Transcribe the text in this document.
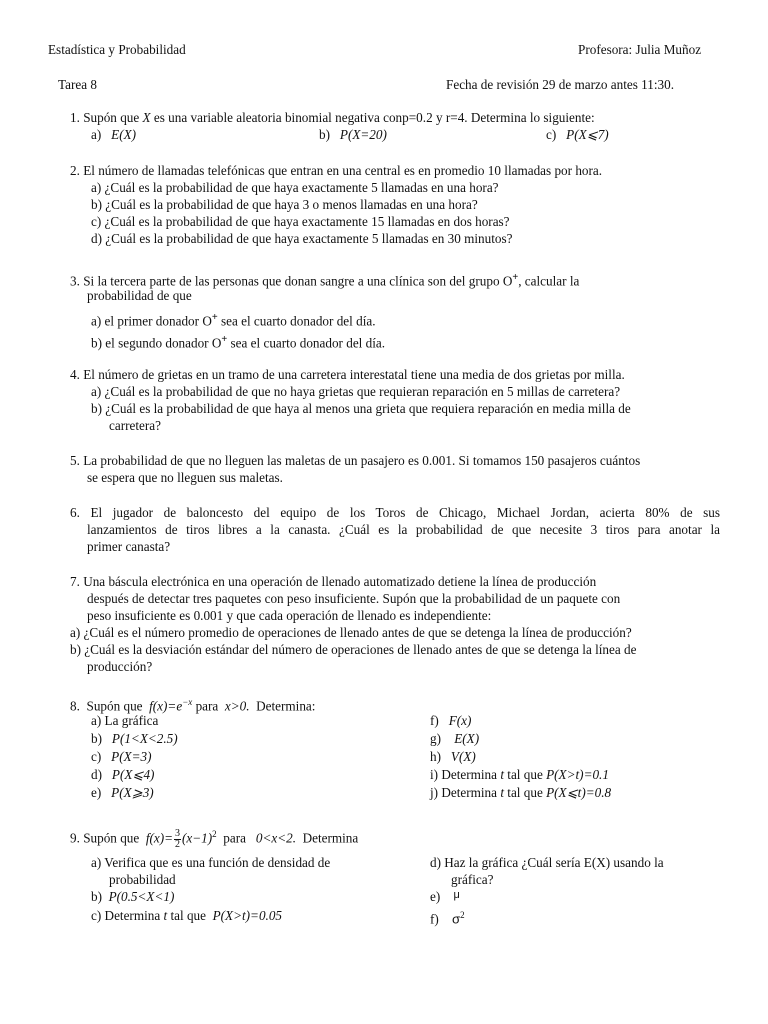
Estadística y Probabilidad	Profesora: Julia Muñoz
Tarea 8	Fecha de revisión 29 de marzo antes 11:30.
1. Supón que X es una variable aleatoria binomial negativa conp=0.2 y r=4. Determina lo siguiente:
a) E(X)	b) P(X=20)	c) P(X⩽7)
2. El número de llamadas telefónicas que entran en una central es en promedio 10 llamadas por hora.
a) ¿Cuál es la probabilidad de que haya exactamente 5 llamadas en una hora?
b) ¿Cuál es la probabilidad de que haya 3 o menos llamadas en una hora?
c) ¿Cuál es la probabilidad de que haya exactamente 15 llamadas en dos horas?
d) ¿Cuál es la probabilidad de que haya exactamente 5 llamadas en 30 minutos?
3. Si la tercera parte de las personas que donan sangre a una clínica son del grupo O+, calcular la
probabilidad de que
a) el primer donador O+ sea el cuarto donador del día.
b) el segundo donador O+ sea el cuarto donador del día.
4. El número de grietas en un tramo de una carretera interestatal tiene una media de dos grietas por milla.
a) ¿Cuál es la probabilidad de que no haya grietas que requieran reparación en 5 millas de carretera?
b) ¿Cuál es la probabilidad de que haya al menos una grieta que requiera reparación en media milla de
carretera?
5. La probabilidad de que no lleguen las maletas de un pasajero es 0.001. Si tomamos 150 pasajeros cuántos
se espera que no lleguen sus maletas.
6. El jugador de baloncesto del equipo de los Toros de Chicago, Michael Jordan, acierta 80% de sus
lanzamientos de tiros libres a la canasta. ¿Cuál es la probabilidad de que necesite 3 tiros para anotar la
primer canasta?
7. Una báscula electrónica en una operación de llenado automatizado detiene la línea de producción
después de detectar tres paquetes con peso insuficiente. Supón que la probabilidad de un paquete con
peso insuficiente es 0.001 y que cada operación de llenado es independiente:
a) ¿Cuál es el número promedio de operaciones de llenado antes de que se detenga la línea de producción?
b) ¿Cuál es la desviación estándar del número de operaciones de llenado antes de que se detenga la línea de
producción?
8. Supón que $f(x)=e^{-x}$ para x>0. Determina:
a) La gráfica
b) P(1<X<2.5)
c) P(X=3)
d) P(X⩽4)
e) P(X⩾3)
f) F(x)
g) E(X)
h) V(X)
i) Determina t tal que P(X>t)=0.1
j) Determina t tal que P(X⩽t)=0.8
9. Supón que $f(x)= \frac{3}{2} (x-1)^2$ para 0<x<2. Determina
a) Verifica que es una función de densidad de
probabilidad
b) P(0.5<X<1)
c) Determina t tal que P(X>t)=0.05
d) Haz la gráfica ¿Cuál sería E(X) usando la
gráfica?
e) $^\mu$
f) $\sigma^2$
